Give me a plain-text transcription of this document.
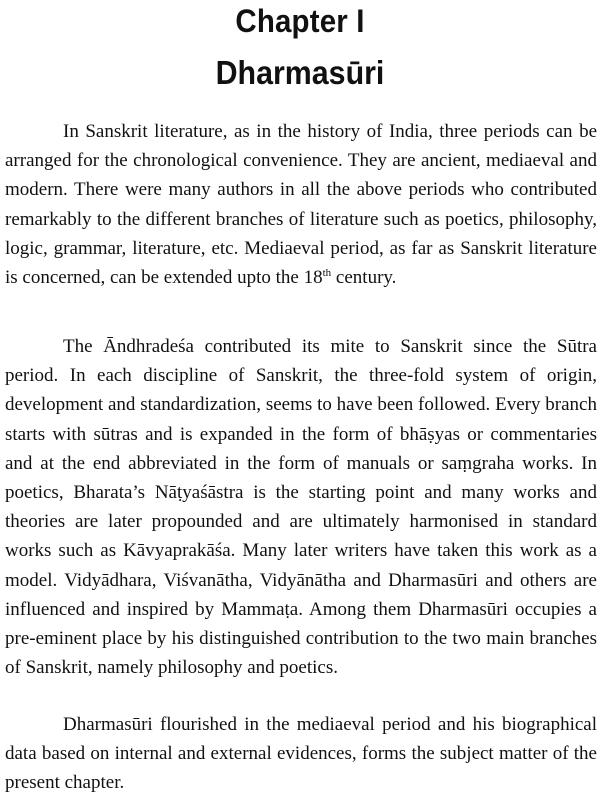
Chapter I
Dharmasūri

In Sanskrit literature, as in the history of India, three periods can be arranged for the chronological convenience. They are ancient, mediaeval and modern. There were many authors in all the above periods who contributed remarkably to the different branches of literature such as poetics, philosophy, logic, grammar, literature, etc. Mediaeval period, as far as Sanskrit literature is concerned, can be extended upto the 18th century.

The Āndhradeśa contributed its mite to Sanskrit since the Sūtra period. In each discipline of Sanskrit, the three-fold system of origin, development and standardization, seems to have been followed. Every branch starts with sūtras and is expanded in the form of bhāṣyas or commentaries and at the end abbreviated in the form of manuals or saṃgraha works. In poetics, Bharata’s Nāṭyaśāstra is the starting point and many works and theories are later propounded and are ultimately harmonised in standard works such as Kāvyaprakāśa. Many later writers have taken this work as a model. Vidyādhara, Viśvanātha, Vidyānātha and Dharmasūri and others are influenced and inspired by Mammaṭa. Among them Dharmasūri occupies a pre-eminent place by his distinguished contribution to the two main branches of Sanskrit, namely philosophy and poetics.

Dharmasūri flourished in the mediaeval period and his biographical data based on internal and external evidences, forms the subject matter of the present chapter.
